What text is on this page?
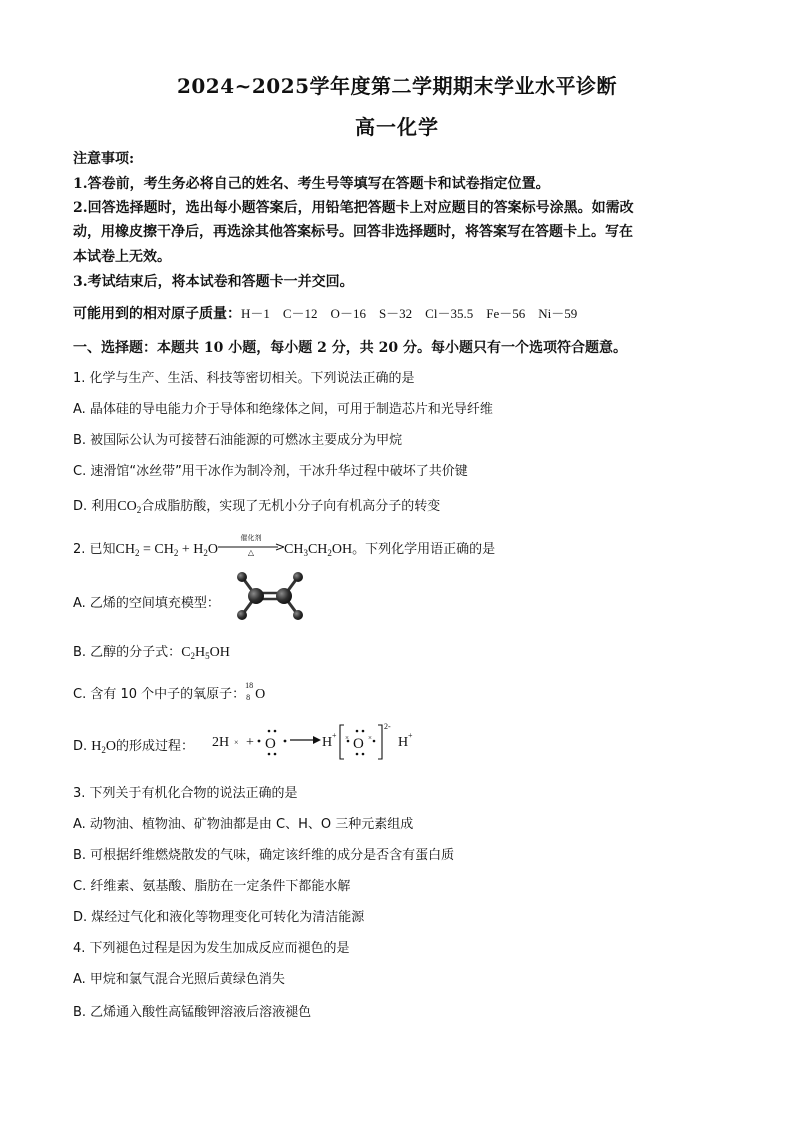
2024~2025学年度第二学期期末学业水平诊断
高一化学
注意事项:
1.答卷前，考生务必将自己的姓名、考生号等填写在答题卡和试卷指定位置。
2.回答选择题时，选出每小题答案后，用铅笔把答题卡上对应题目的答案标号涂黑。如需改
动，用橡皮擦干净后，再选涂其他答案标号。回答非选择题时，将答案写在答题卡上。写在
本试卷上无效。
3.考试结束后，将本试卷和答题卡一并交回。
可能用到的相对原子质量：H－1　C－12　O－16　S－32　Cl－35.5　Fe－56　Ni－59
一、选择题：本题共 10 小题，每小题 2 分，共 20 分。每小题只有一个选项符合题意。
1. 化学与生产、生活、科技等密切相关。下列说法正确的是
A. 晶体硅的导电能力介于导体和绝缘体之间，可用于制造芯片和光导纤维
B. 被国际公认为可接替石油能源的可燃冰主要成分为甲烷
C. 速滑馆“冰丝带”用干冰作为制冷剂，干冰升华过程中破坏了共价键
D. 利用$CO_2$合成脂肪酸，实现了无机小分子向有机高分子的转变
2. 已知$CH_2 = CH_2 + H_2O$
催化剂
△	$CH_3CH_2OH$。下列化学用语正确的是
A. 乙烯的空间填充模型：
B. 乙醇的分子式：$C_2H_5OH$
C. 含有 10 个中子的氧原子：
18
8 O
D. $H_2O$的形成过程： 2H × + O	H +
O
×	×
2-
H +
3. 下列关于有机化合物的说法正确的是
A. 动物油、植物油、矿物油都是由 C、H、O 三种元素组成
B. 可根据纤维燃烧散发的气味，确定该纤维的成分是否含有蛋白质
C. 纤维素、氨基酸、脂肪在一定条件下都能水解
D. 煤经过气化和液化等物理变化可转化为清洁能源
4. 下列褪色过程是因为发生加成反应而褪色的是
A. 甲烷和氯气混合光照后黄绿色消失
B. 乙烯通入酸性高锰酸钾溶液后溶液褪色
